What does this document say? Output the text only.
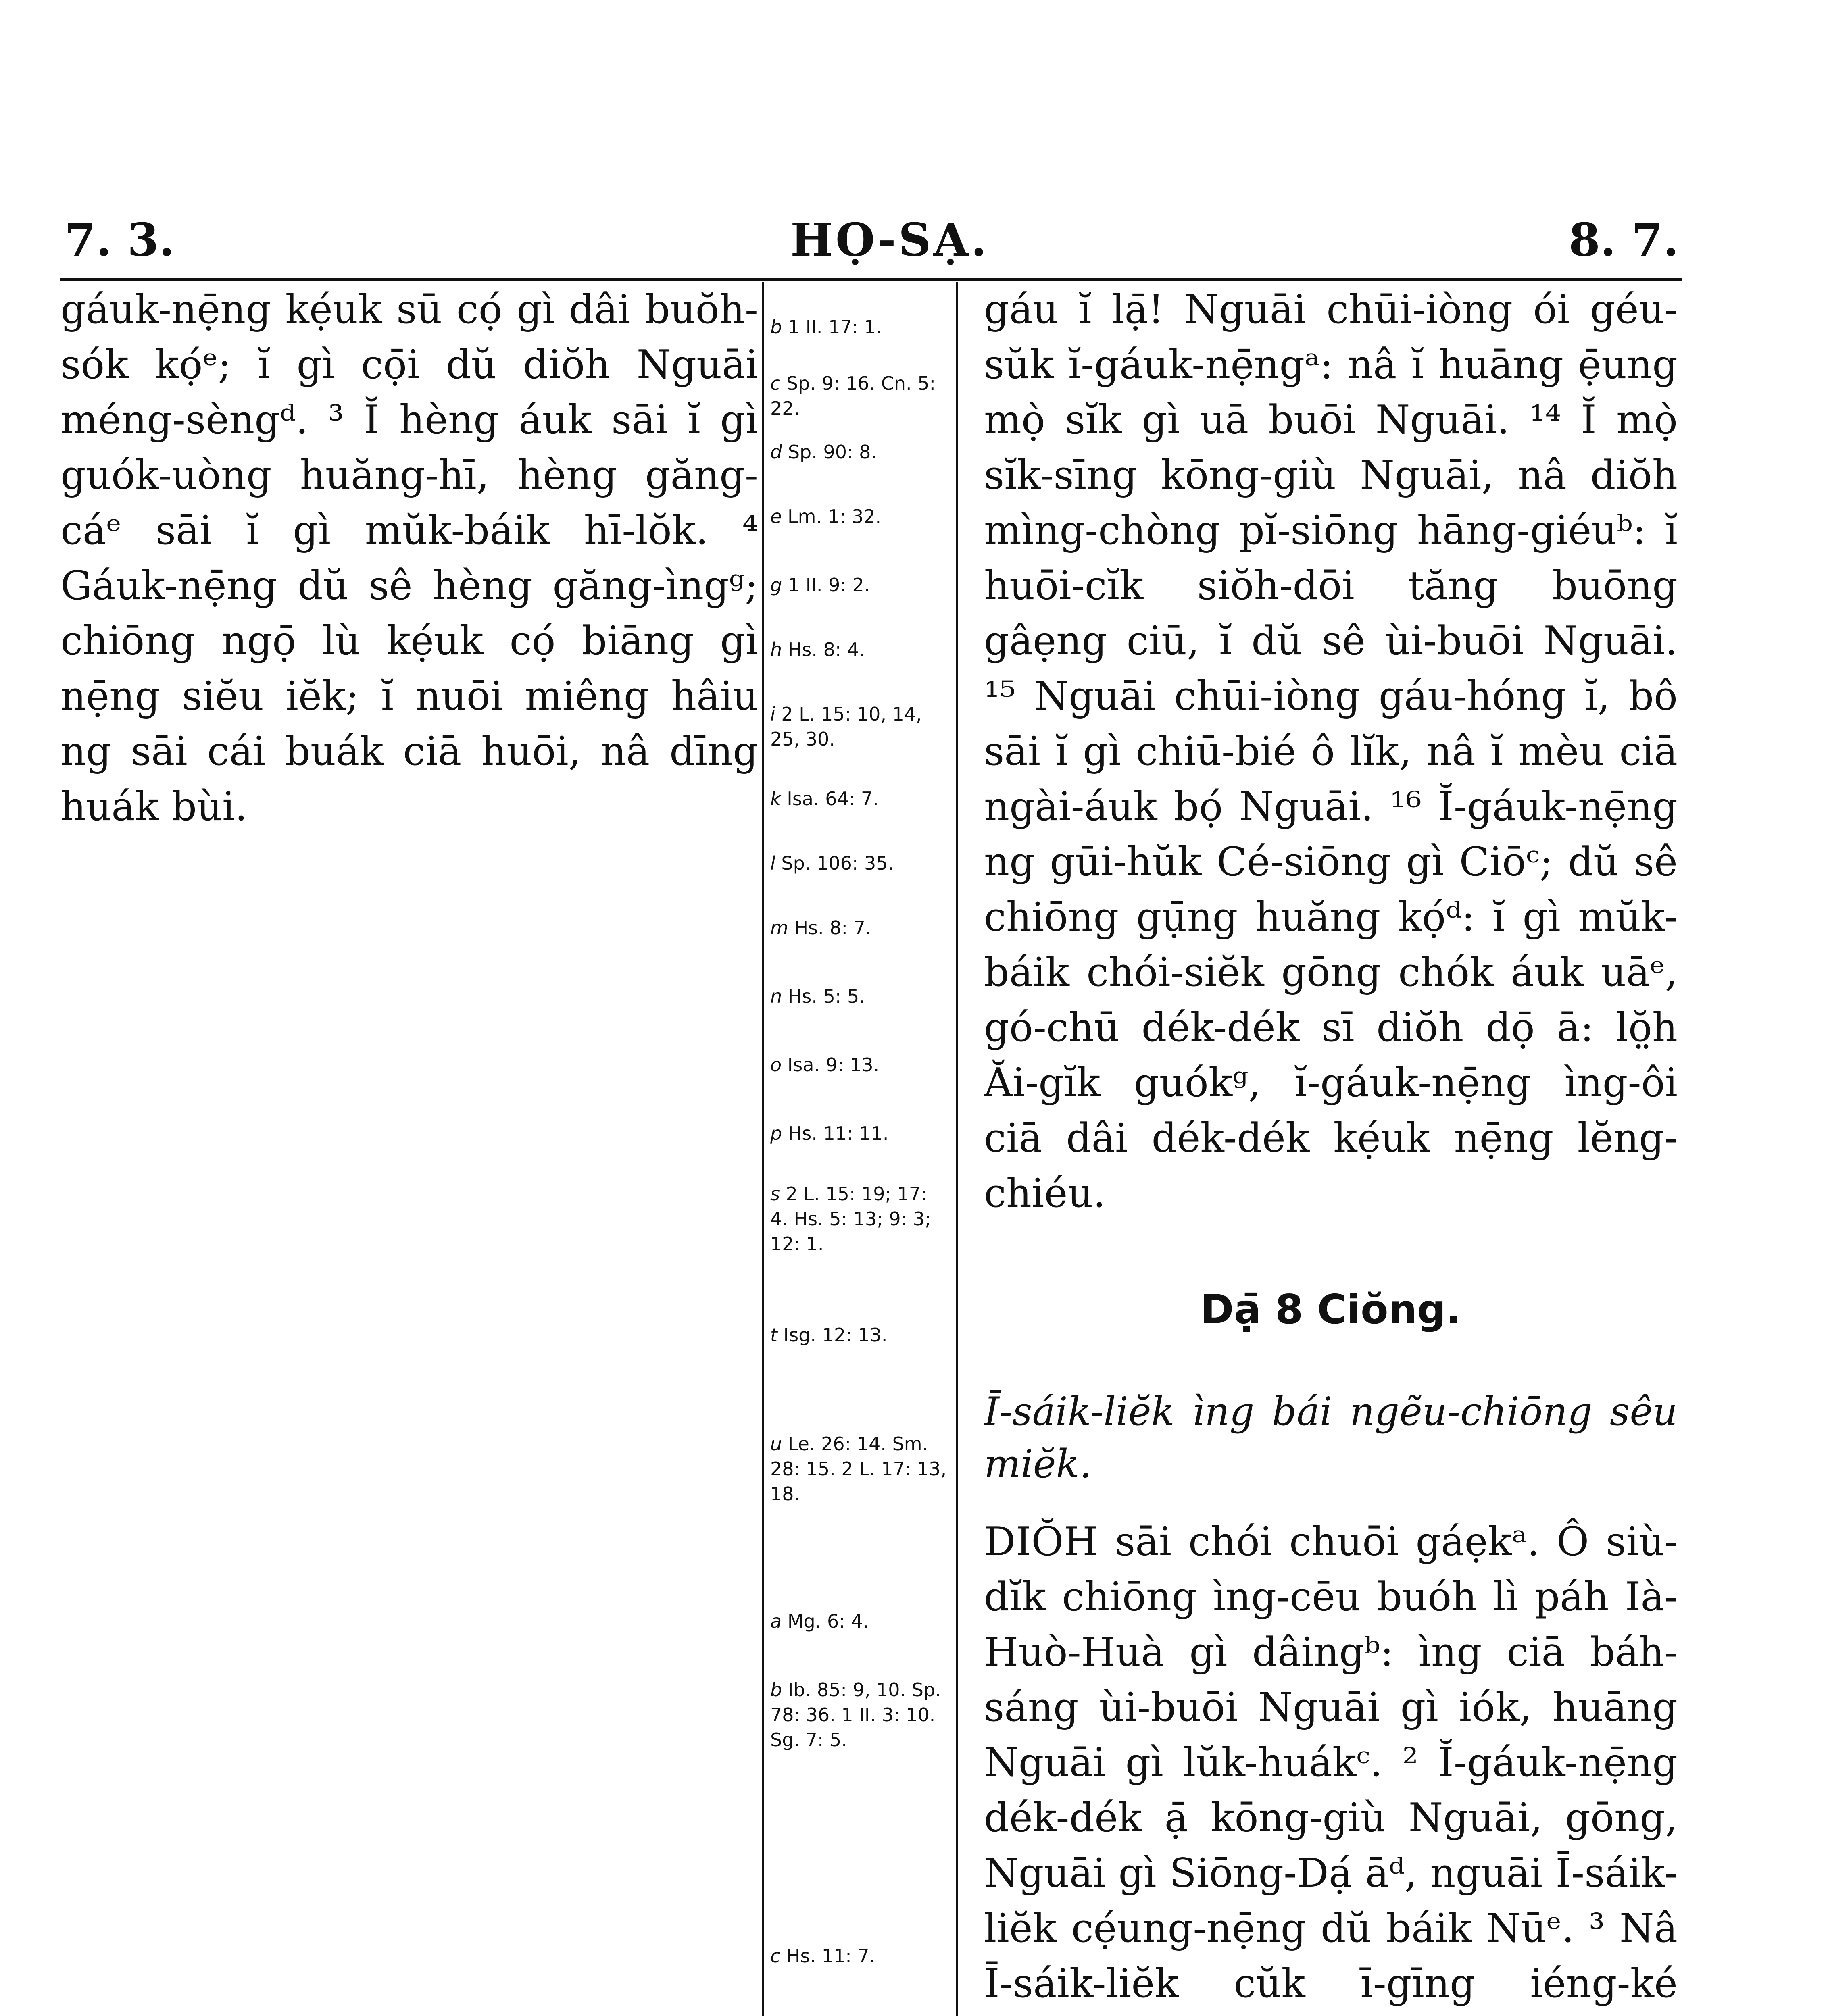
7. 3.	HỌ-SẠ.	8. 7.

gáuk-nẹ̄ng kẹ́uk sū cọ́ gì dâi buŏh-sók kọ́ᵉ; ĭ gì cọ̄i dŭ diŏh Nguāi méng-sèngᵈ. ³ Ĭ hèng áuk sāi ĭ gì guók-uòng huăng-hī, hèng găng-cáᵉ sāi ĭ gì mŭk-báik hī-lŏk. ⁴ Gáuk-nẹ̄ng dŭ sê hèng găng-ìngᵍ; chiōng ngọ̄ lù kẹ́uk cọ́ biāng gì nẹ̄ng siĕu iĕk; ĭ nuōi miêng hâiu ng sāi cái buák ciā huōi, nâ dīng huák bùi.

b 1 II. 17: 1.
c Sp. 9: 16. Cn. 5: 22.
d Sp. 90: 8.
e Lm. 1: 32.
g 1 II. 9: 2.
h Hs. 8: 4.
i 2 L. 15: 10, 14, 25, 30.
k Isa. 64: 7.
l Sp. 106: 35.
m Hs. 8: 7.
n Hs. 5: 5.
o Isa. 9: 13.
p Hs. 11: 11.
s 2 L. 15: 19; 17: 4. Hs. 5: 13; 9: 3; 12: 1.
t Isg. 12: 13.
u Le. 26: 14. Sm. 28: 15. 2 L. 17: 13, 18.
a Mg. 6: 4.
b Ib. 85: 9, 10. Sp. 78: 36. 1 II. 3: 10. Sg. 7: 5.
c Hs. 11: 7.

gáu ĭ lạ̄! Nguāi chūi-iòng ói géu-sŭk ĭ-gáuk-nẹ̄ngᵃ: nâ ĭ huāng ẹ̄ung mọ̀ sĭk gì uā buōi Nguāi. ¹⁴ Ĭ mọ̀ sĭk-sīng kōng-giù Nguāi, nâ diŏh mìng-chòng pĭ-siōng hāng-giéuᵇ: ĭ huōi-cĭk siŏh-dōi tăng buōng gâẹng ciū, ĭ dŭ sê ùi-buōi Nguāi. ¹⁵ Nguāi chūi-iòng gáu-hóng ĭ, bô sāi ĭ gì chiū-bié ô lĭk, nâ ĭ mèu ciā ngài-áuk bọ́ Nguāi. ¹⁶ Ĭ-gáuk-nẹ̄ng ng gūi-hŭk Cé-siōng gì Ciōᶜ; dŭ sê chiōng gụ̄ng huăng kọ́ᵈ: ĭ gì mŭk-báik chói-siĕk gōng chók áuk uāᵉ, gó-chū dék-dék sī diŏh dọ̄ ā: lŏ̤h Ăi-gĭk guókᵍ, ĭ-gáuk-nẹ̄ng ìng-ôi ciā dâi dék-dék kẹ́uk nẹ̄ng lĕng-chiéu.

Dạ̄ 8 Ciŏng.

Ī-sáik-liĕk ìng bái ngẽu-chiōng sêu miĕk.

DIŎH sāi chói chuōi gáẹkᵃ. Ô siù-dĭk chiōng ìng-cēu buóh lì páh Ià-Huò-Huà gì dâingᵇ: ìng ciā báh-sáng ùi-buōi Nguāi gì iók, huāng Nguāi gì lŭk-huákᶜ. ² Ĭ-gáuk-nẹ̄ng dék-dék ạ̄ kōng-giù Nguāi, gōng, Nguāi gì Siōng-Dạ́ āᵈ, nguāi Ī-sáik-liĕk cẹ́ung-nẹ̄ng dŭ báik Nūᵉ. ³ Nâ Ī-sáik-liĕk cŭk ī-gīng iéng-ké
